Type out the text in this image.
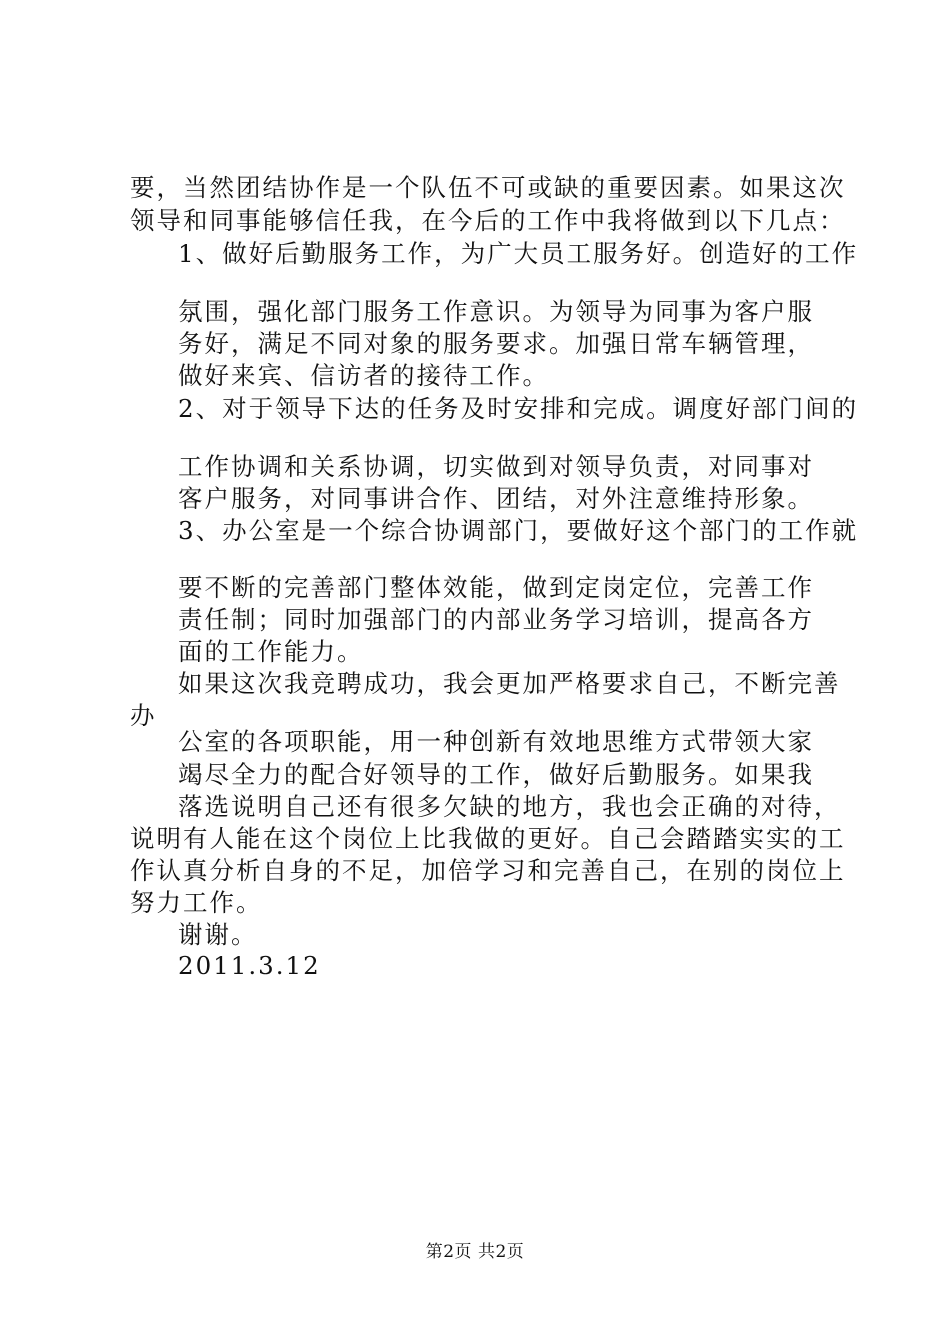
要，当然团结协作是一个队伍不可或缺的重要因素。如果这次
领导和同事能够信任我，在今后的工作中我将做到以下几点：
1、做好后勤服务工作，为广大员工服务好。创造好的工作
氛围，强化部门服务工作意识。为领导为同事为客户服
务好，满足不同对象的服务要求。加强日常车辆管理，
做好来宾、信访者的接待工作。
2、对于领导下达的任务及时安排和完成。调度好部门间的
工作协调和关系协调，切实做到对领导负责，对同事对
客户服务，对同事讲合作、团结，对外注意维持形象。
3、办公室是一个综合协调部门，要做好这个部门的工作就
要不断的完善部门整体效能，做到定岗定位，完善工作
责任制；同时加强部门的内部业务学习培训，提高各方
面的工作能力。
如果这次我竞聘成功，我会更加严格要求自己，不断完善
办
公室的各项职能，用一种创新有效地思维方式带领大家
竭尽全力的配合好领导的工作，做好后勤服务。如果我
落选说明自己还有很多欠缺的地方，我也会正确的对待，
说明有人能在这个岗位上比我做的更好。自己会踏踏实实的工
作认真分析自身的不足，加倍学习和完善自己，在别的岗位上
努力工作。
谢谢。
2011.3.12
第2页 共2页
